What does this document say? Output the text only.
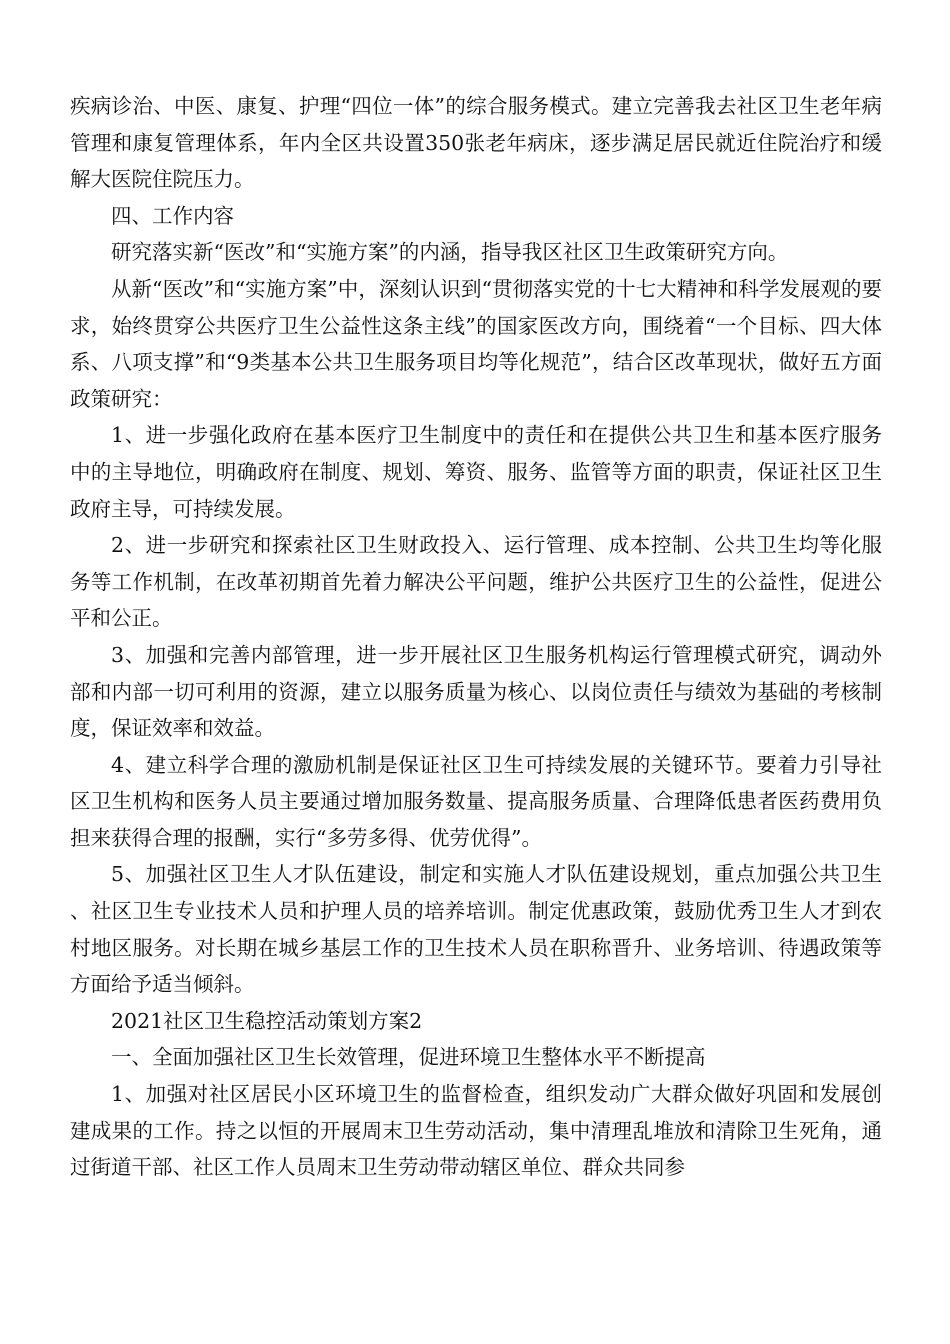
疾病诊治、中医、康复、护理“四位一体”的综合服务模式。建立完善我去社区卫生老年病管理和康复管理体系，年内全区共设置350张老年病床，逐步满足居民就近住院治疗和缓解大医院住院压力。

四、工作内容

研究落实新“医改”和“实施方案”的内涵，指导我区社区卫生政策研究方向。

从新“医改”和“实施方案”中，深刻认识到“贯彻落实党的十七大精神和科学发展观的要求，始终贯穿公共医疗卫生公益性这条主线”的国家医改方向，围绕着“一个目标、四大体系、八项支撑”和“9类基本公共卫生服务项目均等化规范”，结合区改革现状，做好五方面政策研究：

1、进一步强化政府在基本医疗卫生制度中的责任和在提供公共卫生和基本医疗服务中的主导地位，明确政府在制度、规划、筹资、服务、监管等方面的职责，保证社区卫生政府主导，可持续发展。

2、进一步研究和探索社区卫生财政投入、运行管理、成本控制、公共卫生均等化服务等工作机制，在改革初期首先着力解决公平问题，维护公共医疗卫生的公益性，促进公平和公正。

3、加强和完善内部管理，进一步开展社区卫生服务机构运行管理模式研究，调动外部和内部一切可利用的资源，建立以服务质量为核心、以岗位责任与绩效为基础的考核制度，保证效率和效益。

4、建立科学合理的激励机制是保证社区卫生可持续发展的关键环节。要着力引导社区卫生机构和医务人员主要通过增加服务数量、提高服务质量、合理降低患者医药费用负担来获得合理的报酬，实行“多劳多得、优劳优得”。

5、加强社区卫生人才队伍建设，制定和实施人才队伍建设规划，重点加强公共卫生、社区卫生专业技术人员和护理人员的培养培训。制定优惠政策，鼓励优秀卫生人才到农村地区服务。对长期在城乡基层工作的卫生技术人员在职称晋升、业务培训、待遇政策等方面给予适当倾斜。

2021社区卫生稳控活动策划方案2

一、全面加强社区卫生长效管理，促进环境卫生整体水平不断提高

1、加强对社区居民小区环境卫生的监督检查，组织发动广大群众做好巩固和发展创建成果的工作。持之以恒的开展周末卫生劳动活动，集中清理乱堆放和清除卫生死角，通过街道干部、社区工作人员周末卫生劳动带动辖区单位、群众共同参
